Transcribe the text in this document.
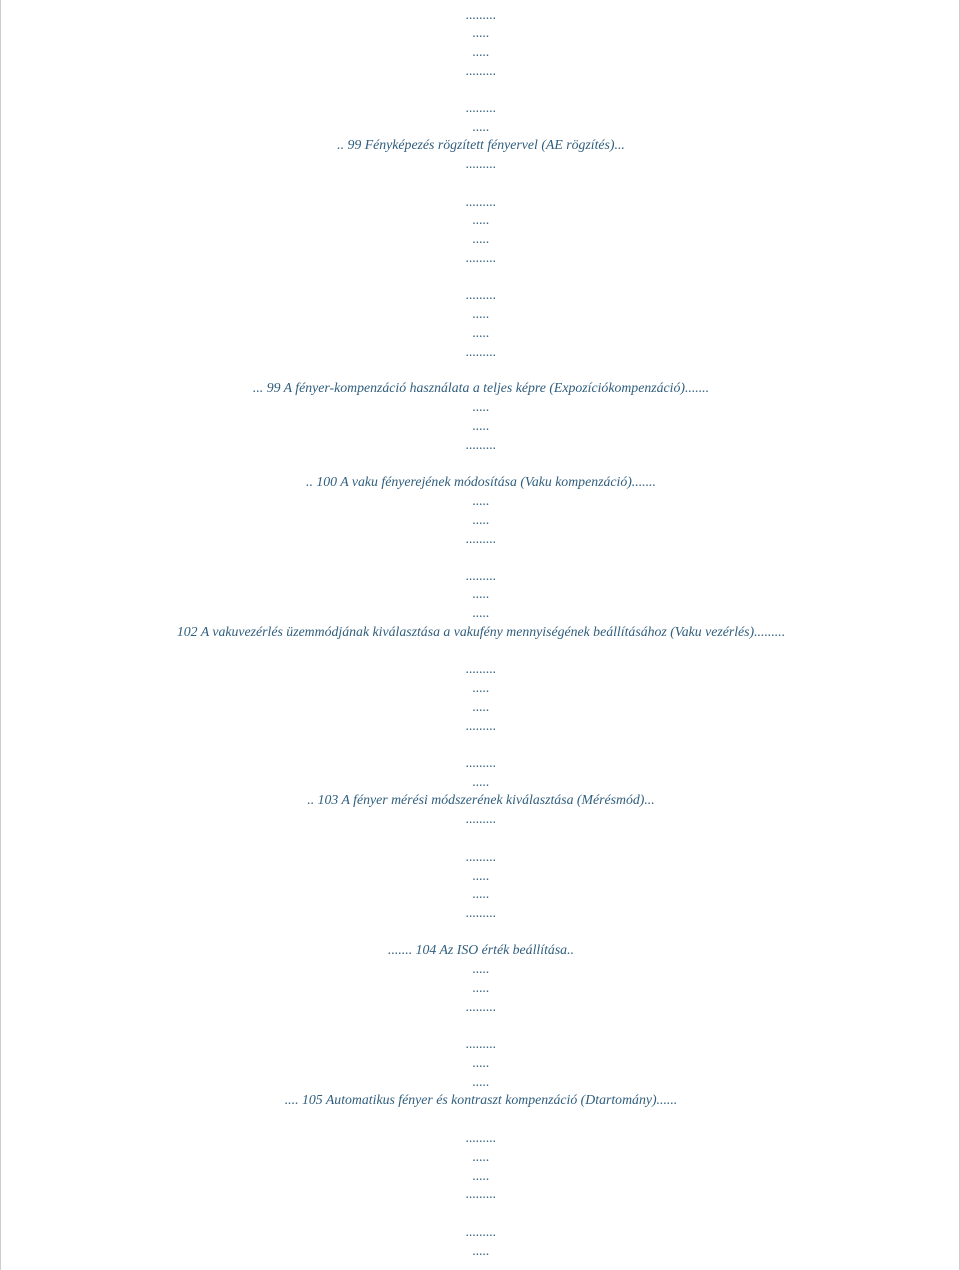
.........
.....
.....
.........
.........
.....
.. 99 Fényképezés rögzített fényervel (AE rögzítés)...
.........
.........
.....
.....
.........
.........
.....
.....
.........
... 99 A fényer-kompenzáció használata a teljes képre (Expozíciókompenzáció).......
.....
.....
.........
.. 100 A vaku fényerejének módosítása (Vaku kompenzáció).......
.....
.....
.........
.........
.....
.....
102 A vakuvezérlés üzemmódjának kiválasztása a vakufény mennyiségének beállításához (Vaku vezérlés).........
.........
.....
.....
.........
.........
.....
.. 103 A fényer mérési módszerének kiválasztása (Mérésmód)...
.........
.........
.....
.....
.........
....... 104 Az ISO érték beállítása..
.....
.....
.........
.........
.....
.....
.... 105 Automatikus fényer és kontraszt kompenzáció (Dtartomány)......
.........
.....
.....
.........
.........
.....
